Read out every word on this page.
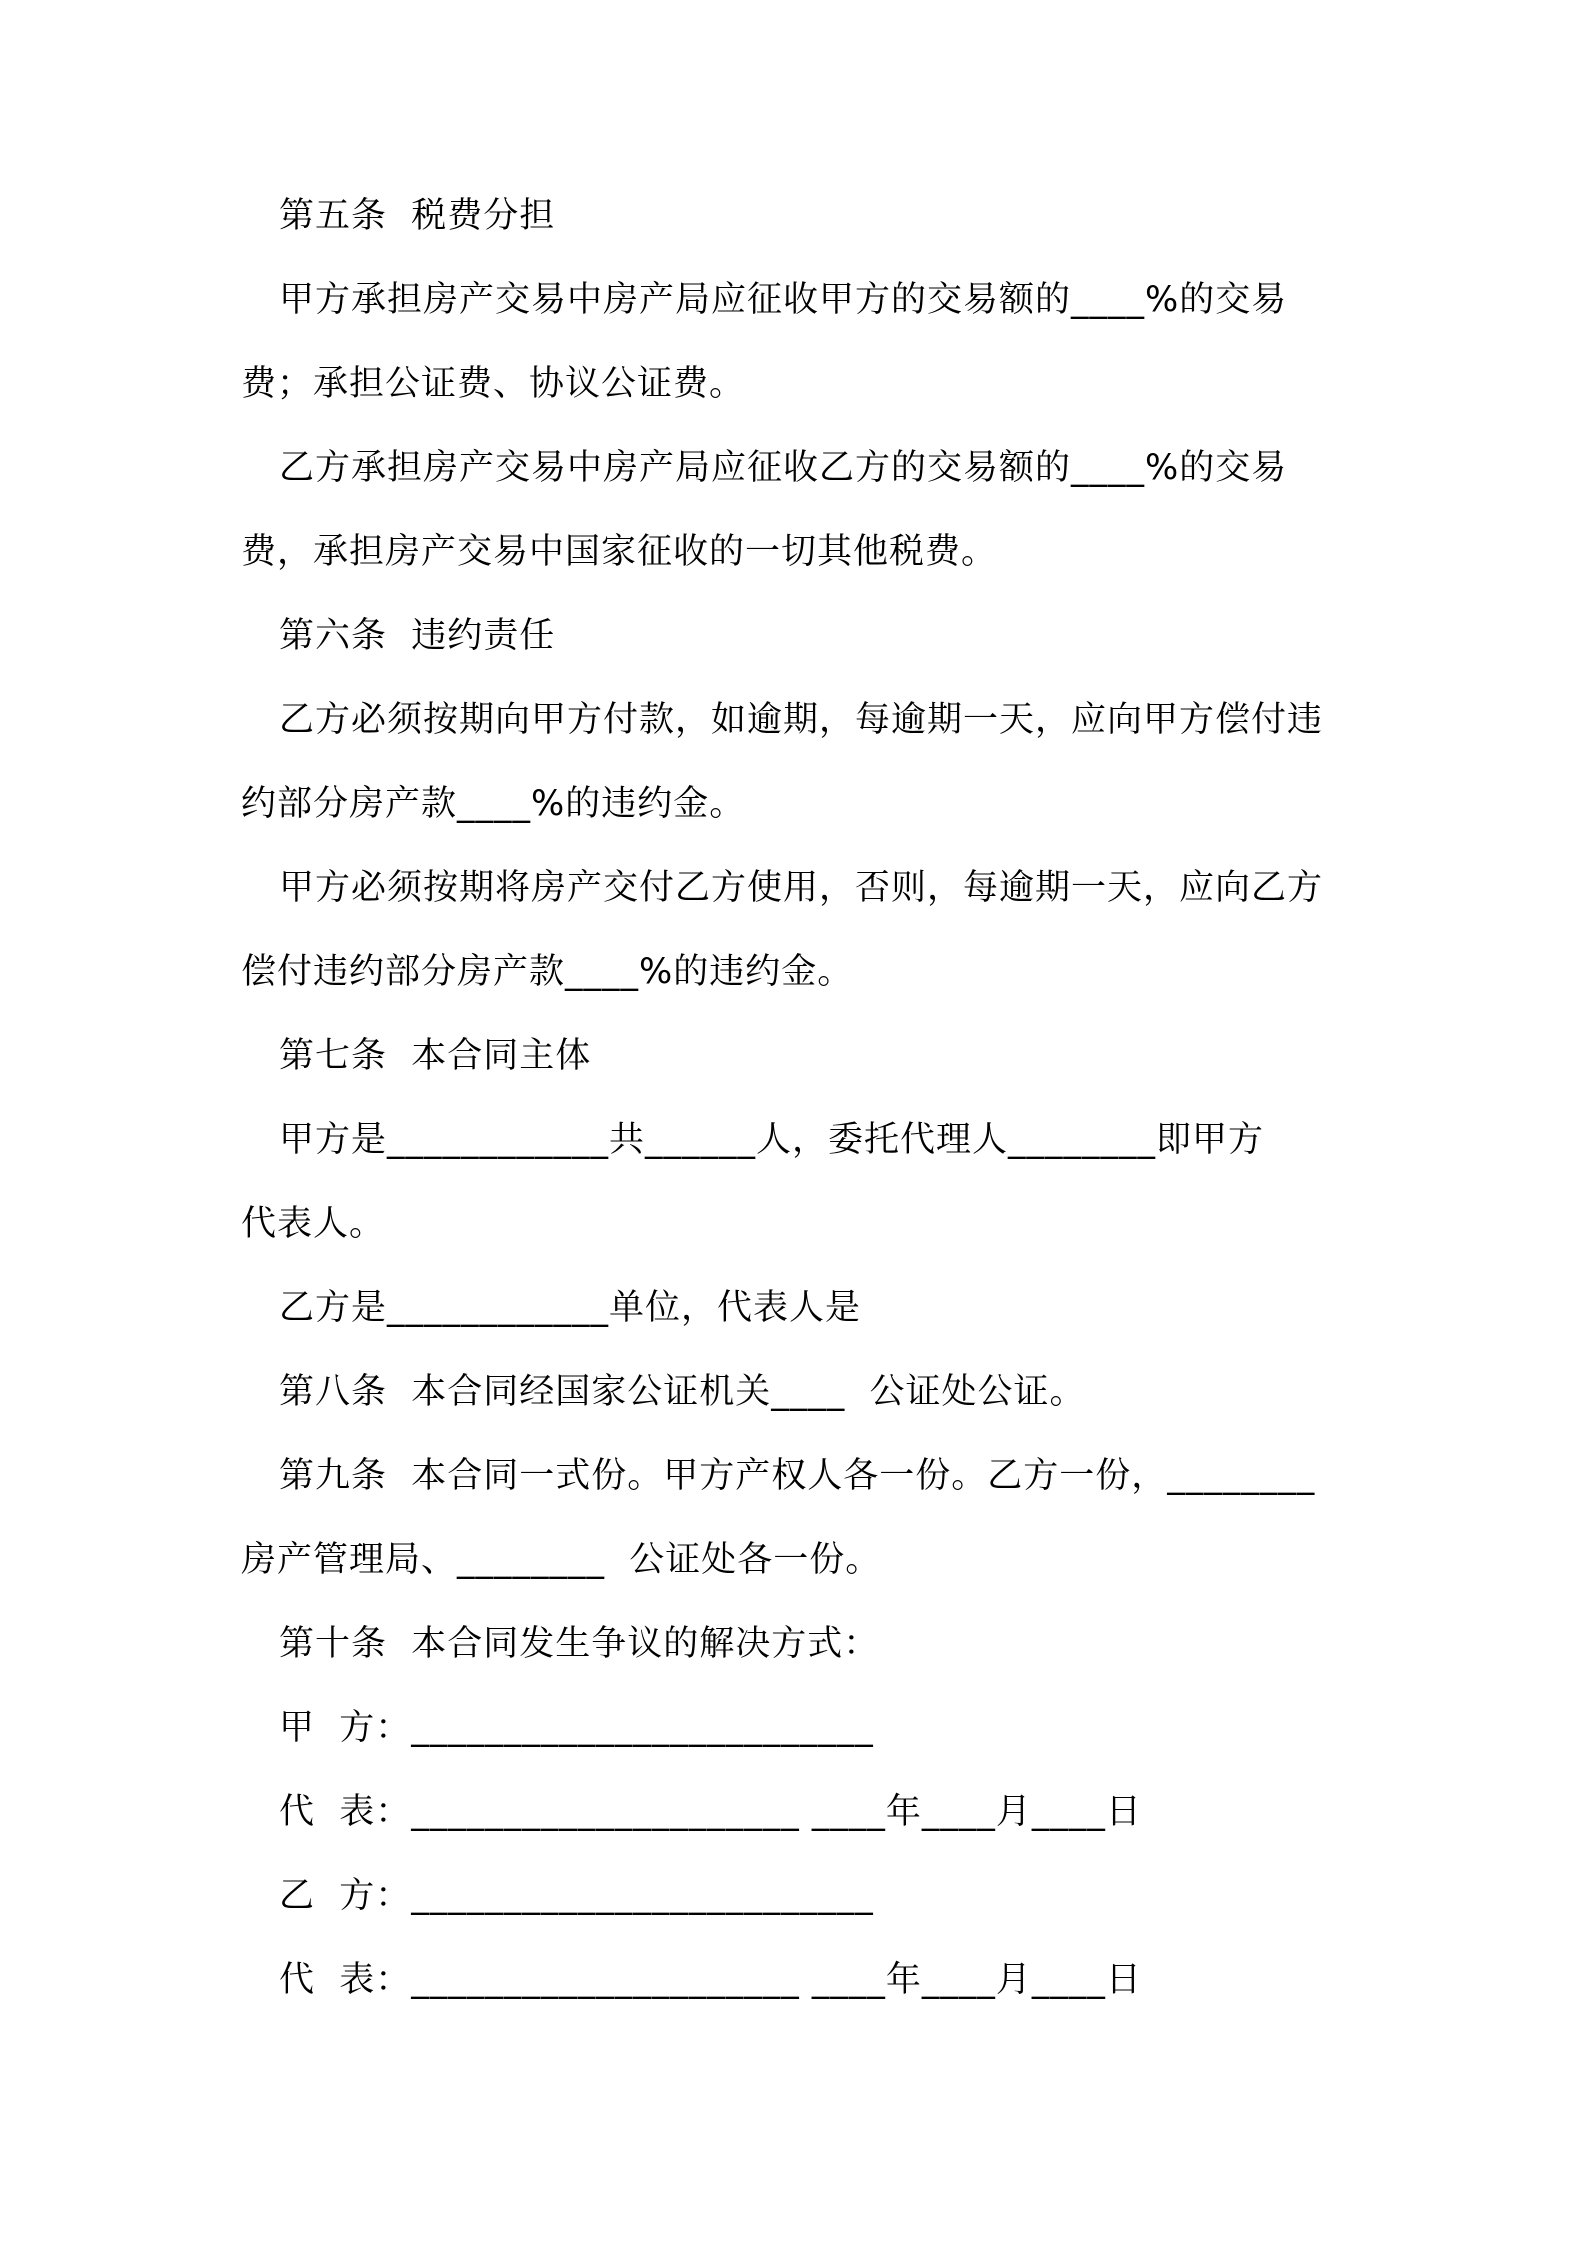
第五条  税费分担
甲方承担房产交易中房产局应征收甲方的交易额的____%的交易
费；承担公证费、协议公证费。
乙方承担房产交易中房产局应征收乙方的交易额的____%的交易
费，承担房产交易中国家征收的一切其他税费。
第六条  违约责任
乙方必须按期向甲方付款，如逾期，每逾期一天，应向甲方偿付违
约部分房产款____%的违约金。
甲方必须按期将房产交付乙方使用，否则，每逾期一天，应向乙方
偿付违约部分房产款____%的违约金。
第七条  本合同主体
甲方是____________共______人，委托代理人________即甲方
代表人。
乙方是____________单位，代表人是
第八条  本合同经国家公证机关____  公证处公证。
第九条  本合同一式份。甲方产权人各一份。乙方一份，________
房产管理局、________  公证处各一份。
第十条  本合同发生争议的解决方式：
甲  方：_________________________
代  表：_____________________ ____年____月____日
乙  方：_________________________
代  表：_____________________ ____年____月____日
